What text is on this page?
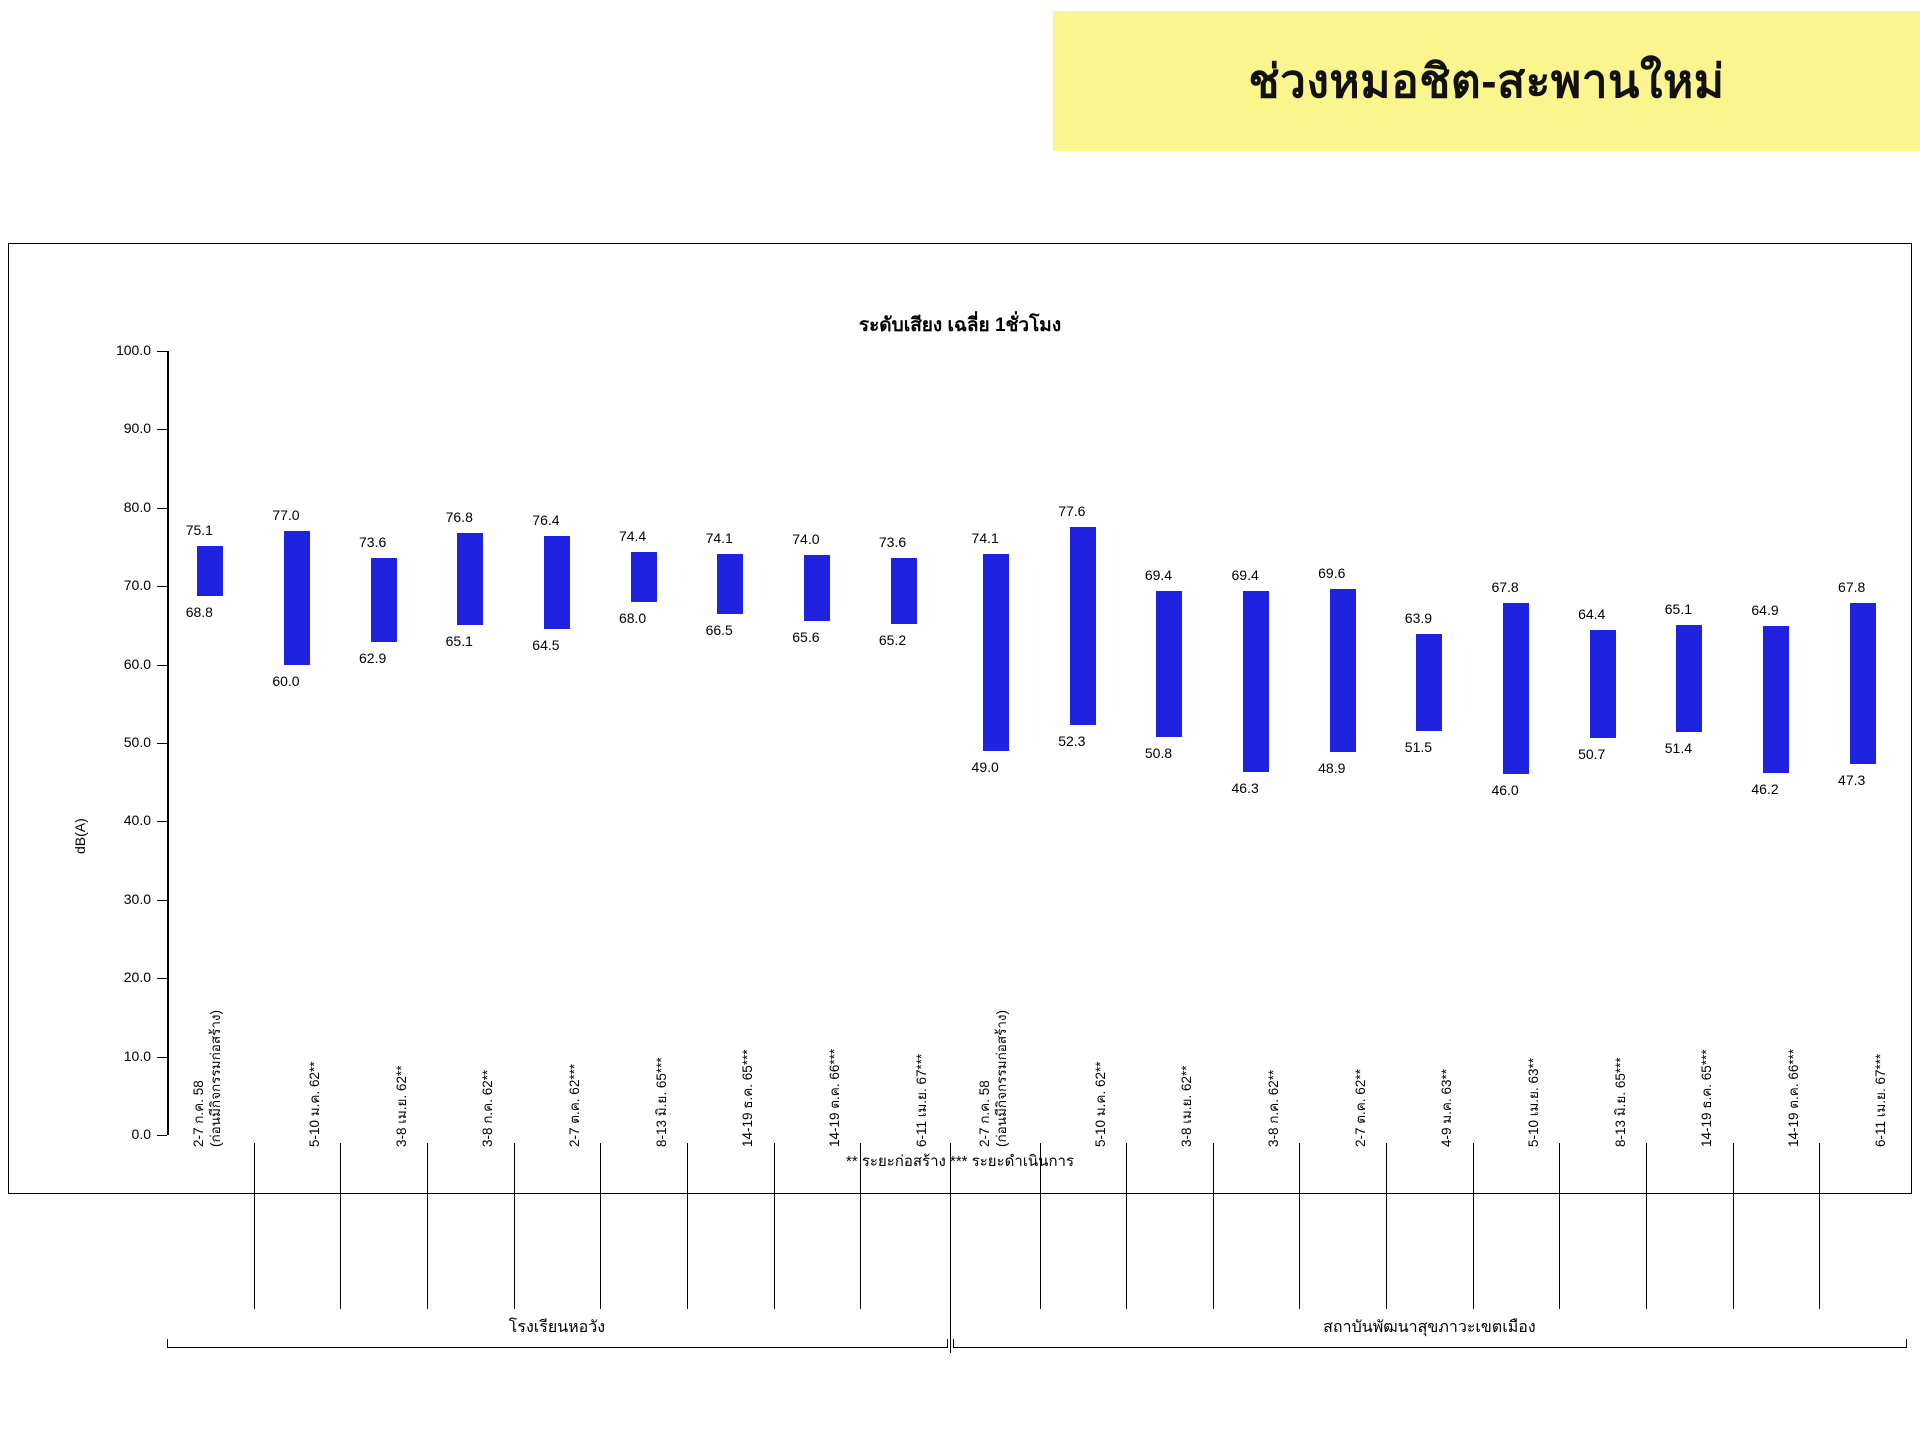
ช่วงหมอชิต-สะพานใหม่
ระดับเสียง เฉลี่ย 1ชั่วโมง
dB(A)
100.0
90.0
80.0
70.0
60.0
50.0
40.0
30.0
20.0
10.0
0.0
75.1
68.8
2-7 ก.ค. 58 (ก่อนมีกิจกรรมก่อสร้าง)
77.0
60.0
5-10 ม.ค. 62**
73.6
62.9
3-8 เม.ย. 62**
76.8
65.1
3-8 ก.ค. 62**
76.4
64.5
2-7 ต.ค. 62***
74.4
68.0
8-13 มิ.ย. 65***
74.1
66.5
14-19 ธ.ค. 65***
74.0
65.6
14-19 ต.ค. 66***
73.6
65.2
6-11 เม.ย. 67***
74.1
49.0
2-7 ก.ค. 58 (ก่อนมีกิจกรรมก่อสร้าง)
77.6
52.3
5-10 ม.ค. 62**
69.4
50.8
3-8 เม.ย. 62**
69.4
46.3
3-8 ก.ค. 62**
69.6
48.9
2-7 ต.ค. 62**
63.9
51.5
4-9 ม.ค. 63**
67.8
46.0
5-10 เม.ย. 63**
64.4
50.7
8-13 มิ.ย. 65***
65.1
51.4
14-19 ธ.ค. 65***
64.9
46.2
14-19 ต.ค. 66***
67.8
47.3
6-11 เม.ย. 67***
โรงเรียนหอวัง	สถาบันพัฒนาสุขภาวะเขตเมือง
** ระยะก่อสร้าง *** ระยะดำเนินการ
